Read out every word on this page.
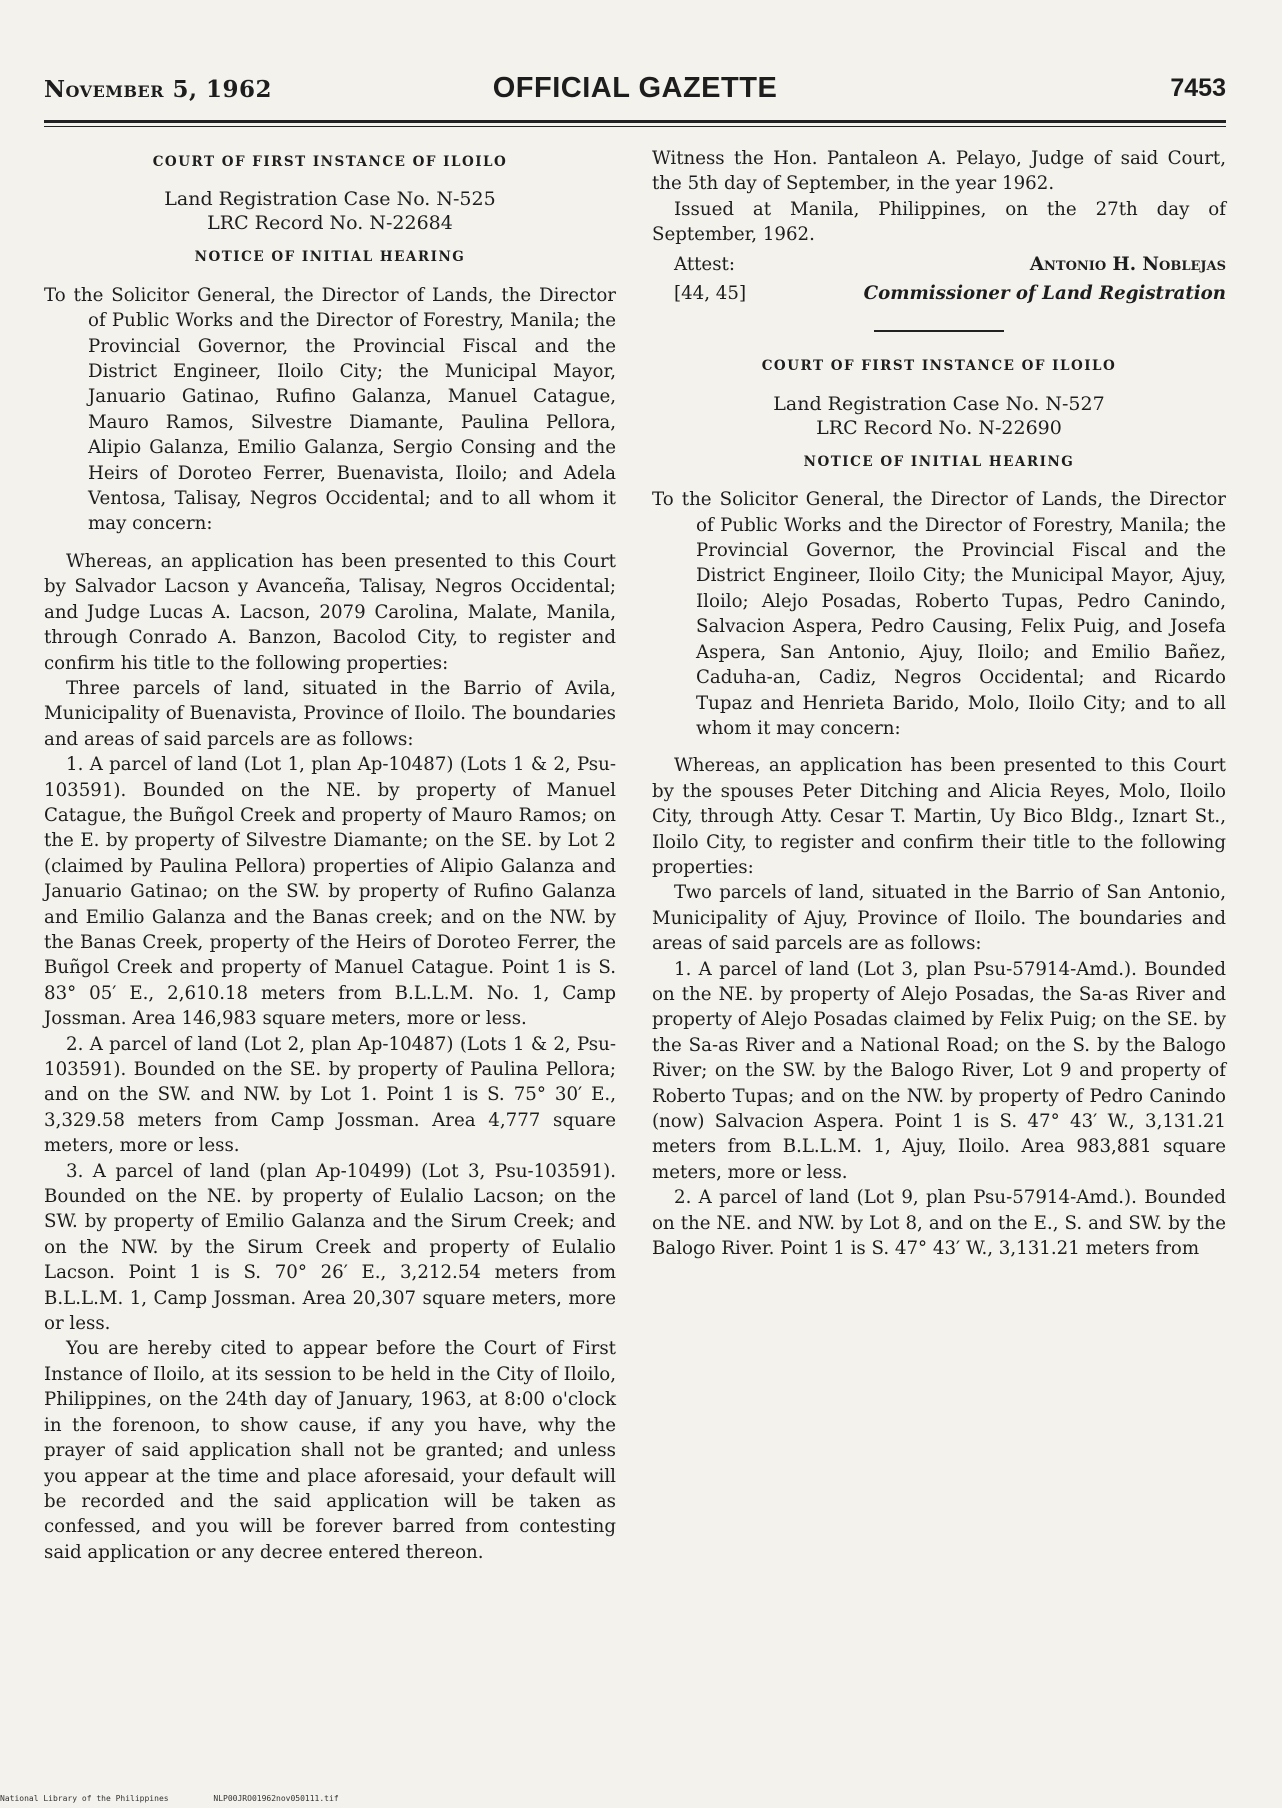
November 5, 1962	OFFICIAL GAZETTE	7453
COURT OF FIRST INSTANCE OF ILOILO
Land Registration Case No. N-525
LRC Record No. N-22684
NOTICE OF INITIAL HEARING
To the Solicitor General, the Director of Lands, the Director of Public Works and the Director of Forestry, Manila; the Provincial Governor, the Provincial Fiscal and the District Engineer, Iloilo City; the Municipal Mayor, Januario Gatinao, Rufino Galanza, Manuel Catague, Mauro Ramos, Silvestre Diamante, Paulina Pellora, Alipio Galanza, Emilio Galanza, Sergio Consing and the Heirs of Doroteo Ferrer, Buenavista, Iloilo; and Adela Ventosa, Talisay, Negros Occidental; and to all whom it may concern:

Whereas, an application has been presented to this Court by Salvador Lacson y Avanceña, Talisay, Negros Occidental; and Judge Lucas A. Lacson, 2079 Carolina, Malate, Manila, through Conrado A. Banzon, Bacolod City, to register and confirm his title to the following properties:

Three parcels of land, situated in the Barrio of Avila, Municipality of Buenavista, Province of Iloilo. The boundaries and areas of said parcels are as follows:

1. A parcel of land (Lot 1, plan Ap-10487) (Lots 1 & 2, Psu-103591). Bounded on the NE. by property of Manuel Catague, the Buñgol Creek and property of Mauro Ramos; on the E. by property of Silvestre Diamante; on the SE. by Lot 2 (claimed by Paulina Pellora) properties of Alipio Galanza and Januario Gatinao; on the SW. by property of Rufino Galanza and Emilio Galanza and the Banas creek; and on the NW. by the Banas Creek, property of the Heirs of Doroteo Ferrer, the Buñgol Creek and property of Manuel Catague. Point 1 is S. 83° 05′ E., 2,610.18 meters from B.L.L.M. No. 1, Camp Jossman. Area 146,983 square meters, more or less.

2. A parcel of land (Lot 2, plan Ap-10487) (Lots 1 & 2, Psu-103591). Bounded on the SE. by property of Paulina Pellora; and on the SW. and NW. by Lot 1. Point 1 is S. 75° 30′ E., 3,329.58 meters from Camp Jossman. Area 4,777 square meters, more or less.

3. A parcel of land (plan Ap-10499) (Lot 3, Psu-103591). Bounded on the NE. by property of Eulalio Lacson; on the SW. by property of Emilio Galanza and the Sirum Creek; and on the NW. by the Sirum Creek and property of Eulalio Lacson. Point 1 is S. 70° 26′ E., 3,212.54 meters from B.L.L.M. 1, Camp Jossman. Area 20,307 square meters, more or less.

You are hereby cited to appear before the Court of First Instance of Iloilo, at its session to be held in the City of Iloilo, Philippines, on the 24th day of January, 1963, at 8:00 o'clock in the forenoon, to show cause, if any you have, why the prayer of said application shall not be granted; and unless you appear at the time and place aforesaid, your default will be recorded and the said application will be taken as confessed, and you will be forever barred from contesting said application or any decree entered thereon.

Witness the Hon. Pantaleon A. Pelayo, Judge of said Court, the 5th day of September, in the year 1962.

Issued at Manila, Philippines, on the 27th day of September, 1962.

Attest:	Antonio H. Noblejas
[44, 45]	Commissioner of Land Registration
COURT OF FIRST INSTANCE OF ILOILO
Land Registration Case No. N-527
LRC Record No. N-22690
NOTICE OF INITIAL HEARING
To the Solicitor General, the Director of Lands, the Director of Public Works and the Director of Forestry, Manila; the Provincial Governor, the Provincial Fiscal and the District Engineer, Iloilo City; the Municipal Mayor, Ajuy, Iloilo; Alejo Posadas, Roberto Tupas, Pedro Canindo, Salvacion Aspera, Pedro Causing, Felix Puig, and Josefa Aspera, San Antonio, Ajuy, Iloilo; and Emilio Bañez, Caduha-an, Cadiz, Negros Occidental; and Ricardo Tupaz and Henrieta Barido, Molo, Iloilo City; and to all whom it may concern:

Whereas, an application has been presented to this Court by the spouses Peter Ditching and Alicia Reyes, Molo, Iloilo City, through Atty. Cesar T. Martin, Uy Bico Bldg., Iznart St., Iloilo City, to register and confirm their title to the following properties:

Two parcels of land, situated in the Barrio of San Antonio, Municipality of Ajuy, Province of Iloilo. The boundaries and areas of said parcels are as follows:

1. A parcel of land (Lot 3, plan Psu-57914-Amd.). Bounded on the NE. by property of Alejo Posadas, the Sa-as River and property of Alejo Posadas claimed by Felix Puig; on the SE. by the Sa-as River and a National Road; on the S. by the Balogo River; on the SW. by the Balogo River, Lot 9 and property of Roberto Tupas; and on the NW. by property of Pedro Canindo (now) Salvacion Aspera. Point 1 is S. 47° 43′ W., 3,131.21 meters from B.L.L.M. 1, Ajuy, Iloilo. Area 983,881 square meters, more or less.

2. A parcel of land (Lot 9, plan Psu-57914-Amd.). Bounded on the NE. and NW. by Lot 8, and on the E., S. and SW. by the Balogo River. Point 1 is S. 47° 43′ W., 3,131.21 meters from

National Library of the Philippines	NLP00JRO01962nov050111.tif
